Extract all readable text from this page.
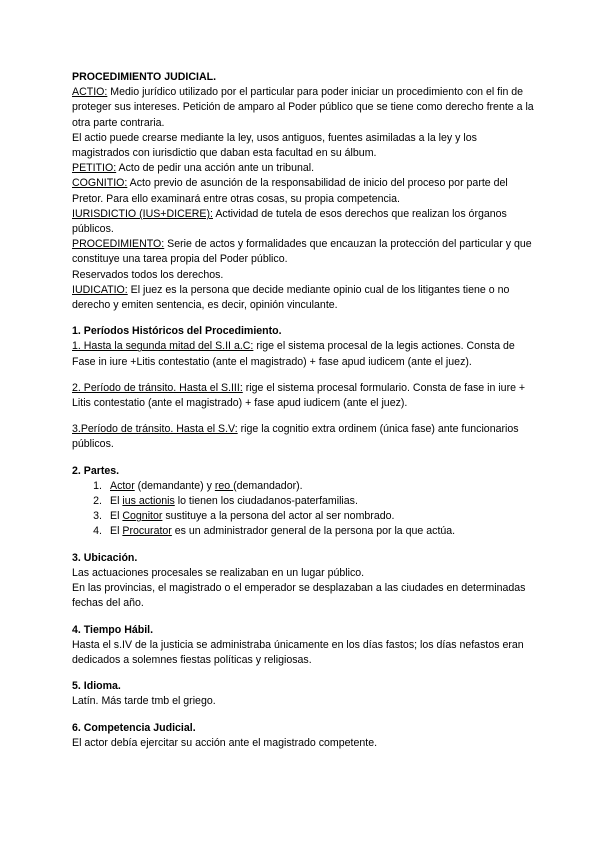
PROCEDIMIENTO JUDICIAL.

ACTIO: Medio jurídico utilizado por el particular para poder iniciar un procedimiento con el fin de proteger sus intereses. Petición de amparo al Poder público que se tiene como derecho frente a la otra parte contraria.

El actio puede crearse mediante la ley, usos antiguos, fuentes asimiladas a la ley y los magistrados con iurisdictio que daban esta facultad en su álbum.

PETITIO: Acto de pedir una acción ante un tribunal.

COGNITIO: Acto previo de asunción de la responsabilidad de inicio del proceso por parte del Pretor. Para ello examinará entre otras cosas, su propia competencia.

IURISDICTIO (IUS+DICERE): Actividad de tutela de esos derechos que realizan los órganos públicos.

PROCEDIMIENTO: Serie de actos y formalidades que encauzan la protección del particular y que constituye una tarea propia del Poder público.

Reservados todos los derechos.

IUDICATIO: El juez es la persona que decide mediante opinio cual de los litigantes tiene o no derecho y emiten sentencia, es decir, opinión vinculante.

1. Períodos Históricos del Procedimiento.

1. Hasta la segunda mitad del S.II a.C: rige el sistema procesal de la legis actiones. Consta de Fase in iure +Litis contestatio (ante el magistrado) + fase apud iudicem (ante el juez).

2. Período de tránsito. Hasta el S.III: rige el sistema procesal formulario. Consta de fase in iure + Litis contestatio (ante el magistrado) + fase apud iudicem (ante el juez).

3.Período de tránsito. Hasta el S.V: rige la cognitio extra ordinem (única fase) ante funcionarios públicos.

2. Partes.
1. Actor (demandante) y reo (demandador).
2. El ius actionis lo tienen los ciudadanos-paterfamilias.
3. El Cognitor sustituye a la persona del actor al ser nombrado.
4. El Procurator es un administrador general de la persona por la que actúa.
3. Ubicación.

Las actuaciones procesales se realizaban en un lugar público.

En las provincias, el magistrado o el emperador se desplazaban a las ciudades en determinadas fechas del año.

4. Tiempo Hábil.

Hasta el s.IV de la justicia se administraba únicamente en los días fastos; los días nefastos eran dedicados a solemnes fiestas políticas y religiosas.

5. Idioma.

Latín. Más tarde tmb el griego.

6. Competencia Judicial.

El actor debía ejercitar su acción ante el magistrado competente.
